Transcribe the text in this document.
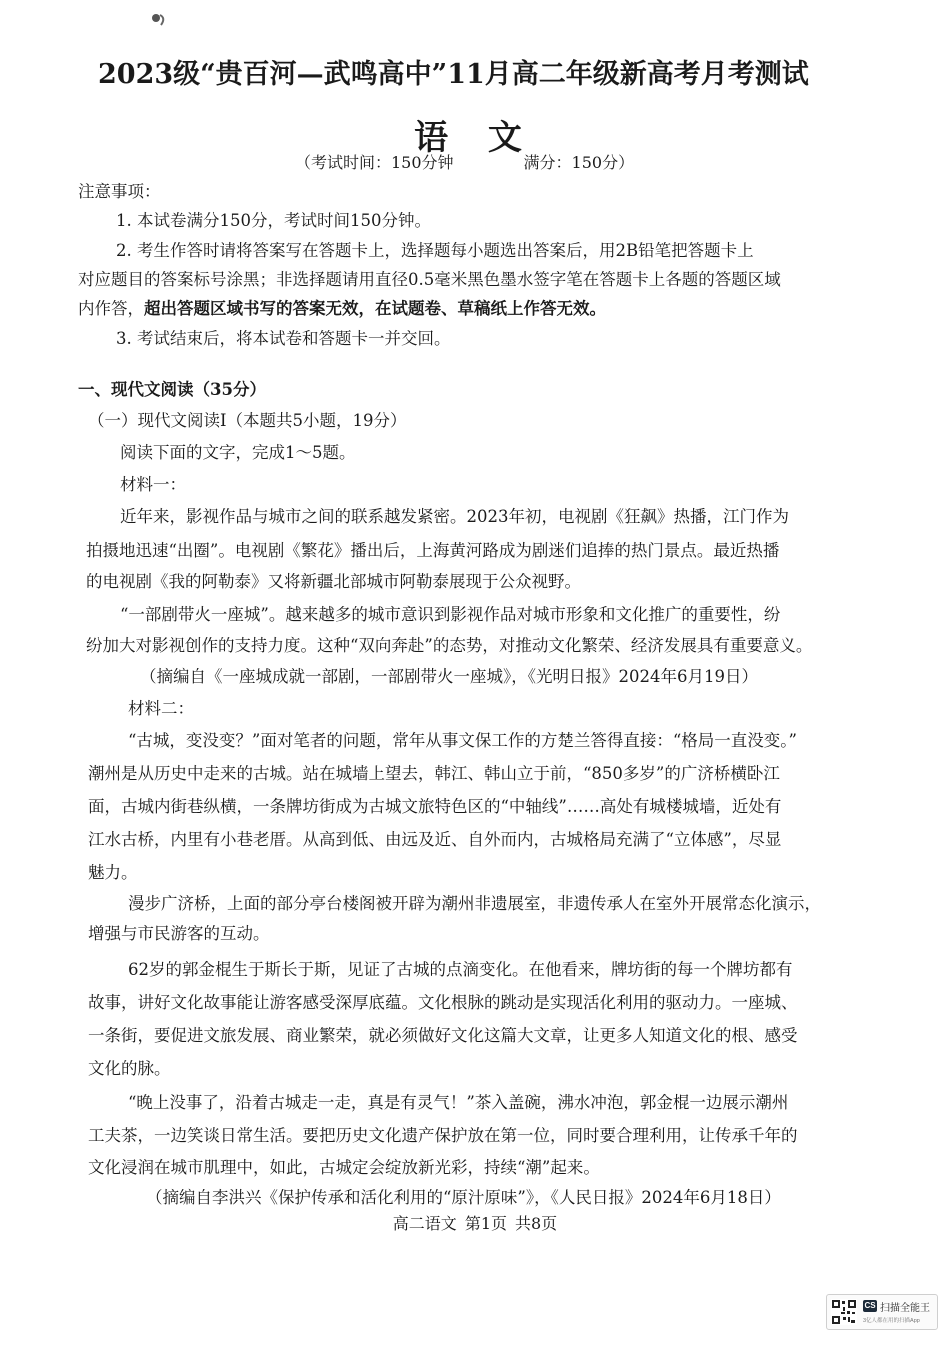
2023级“贵百河—武鸣高中”11月高二年级新高考月考测试
语 文
（考试时间：150分钟	满分：150分）
注意事项：
1. 本试卷满分150分，考试时间150分钟。
2. 考生作答时请将答案写在答题卡上，选择题每小题选出答案后，用2B铅笔把答题卡上
对应题目的答案标号涂黑；非选择题请用直径0.5毫米黑色墨水签字笔在答题卡上各题的答题区域
内作答，超出答题区域书写的答案无效，在试题卷、草稿纸上作答无效。
3. 考试结束后，将本试卷和答题卡一并交回。
一、现代文阅读（35分）
（一）现代文阅读Ⅰ（本题共5小题，19分）
阅读下面的文字，完成1～5题。
材料一：
近年来，影视作品与城市之间的联系越发紧密。2023年初，电视剧《狂飙》热播，江门作为
拍摄地迅速“出圈”。电视剧《繁花》播出后，上海黄河路成为剧迷们追捧的热门景点。最近热播
的电视剧《我的阿勒泰》又将新疆北部城市阿勒泰展现于公众视野。
“一部剧带火一座城”。越来越多的城市意识到影视作品对城市形象和文化推广的重要性，纷
纷加大对影视创作的支持力度。这种“双向奔赴”的态势，对推动文化繁荣、经济发展具有重要意义。
（摘编自《一座城成就一部剧，一部剧带火一座城》，《光明日报》2024年6月19日）
材料二：
“古城，变没变？”面对笔者的问题，常年从事文保工作的方楚兰答得直接：“格局一直没变。”
潮州是从历史中走来的古城。站在城墙上望去，韩江、韩山立于前，“850多岁”的广济桥横卧江
面，古城内街巷纵横，一条牌坊街成为古城文旅特色区的“中轴线”……高处有城楼城墙，近处有
江水古桥，内里有小巷老厝。从高到低、由远及近、自外而内，古城格局充满了“立体感”，尽显
魅力。
漫步广济桥，上面的部分亭台楼阁被开辟为潮州非遗展室，非遗传承人在室外开展常态化演示，
增强与市民游客的互动。
62岁的郭金棍生于斯长于斯，见证了古城的点滴变化。在他看来，牌坊街的每一个牌坊都有
故事，讲好文化故事能让游客感受深厚底蕴。文化根脉的跳动是实现活化利用的驱动力。一座城、
一条街，要促进文旅发展、商业繁荣，就必须做好文化这篇大文章，让更多人知道文化的根、感受
文化的脉。
“晚上没事了，沿着古城走一走，真是有灵气！”茶入盖碗，沸水冲泡，郭金棍一边展示潮州
工夫茶，一边笑谈日常生活。要把历史文化遗产保护放在第一位，同时要合理利用，让传承千年的
文化浸润在城市肌理中，如此，古城定会绽放新光彩，持续“潮”起来。
（摘编自李洪兴《保护传承和活化利用的“原汁原味”》，《人民日报》2024年6月18日）
高二语文 第1页 共8页
CS 扫描全能王
3亿人都在用的扫描App
